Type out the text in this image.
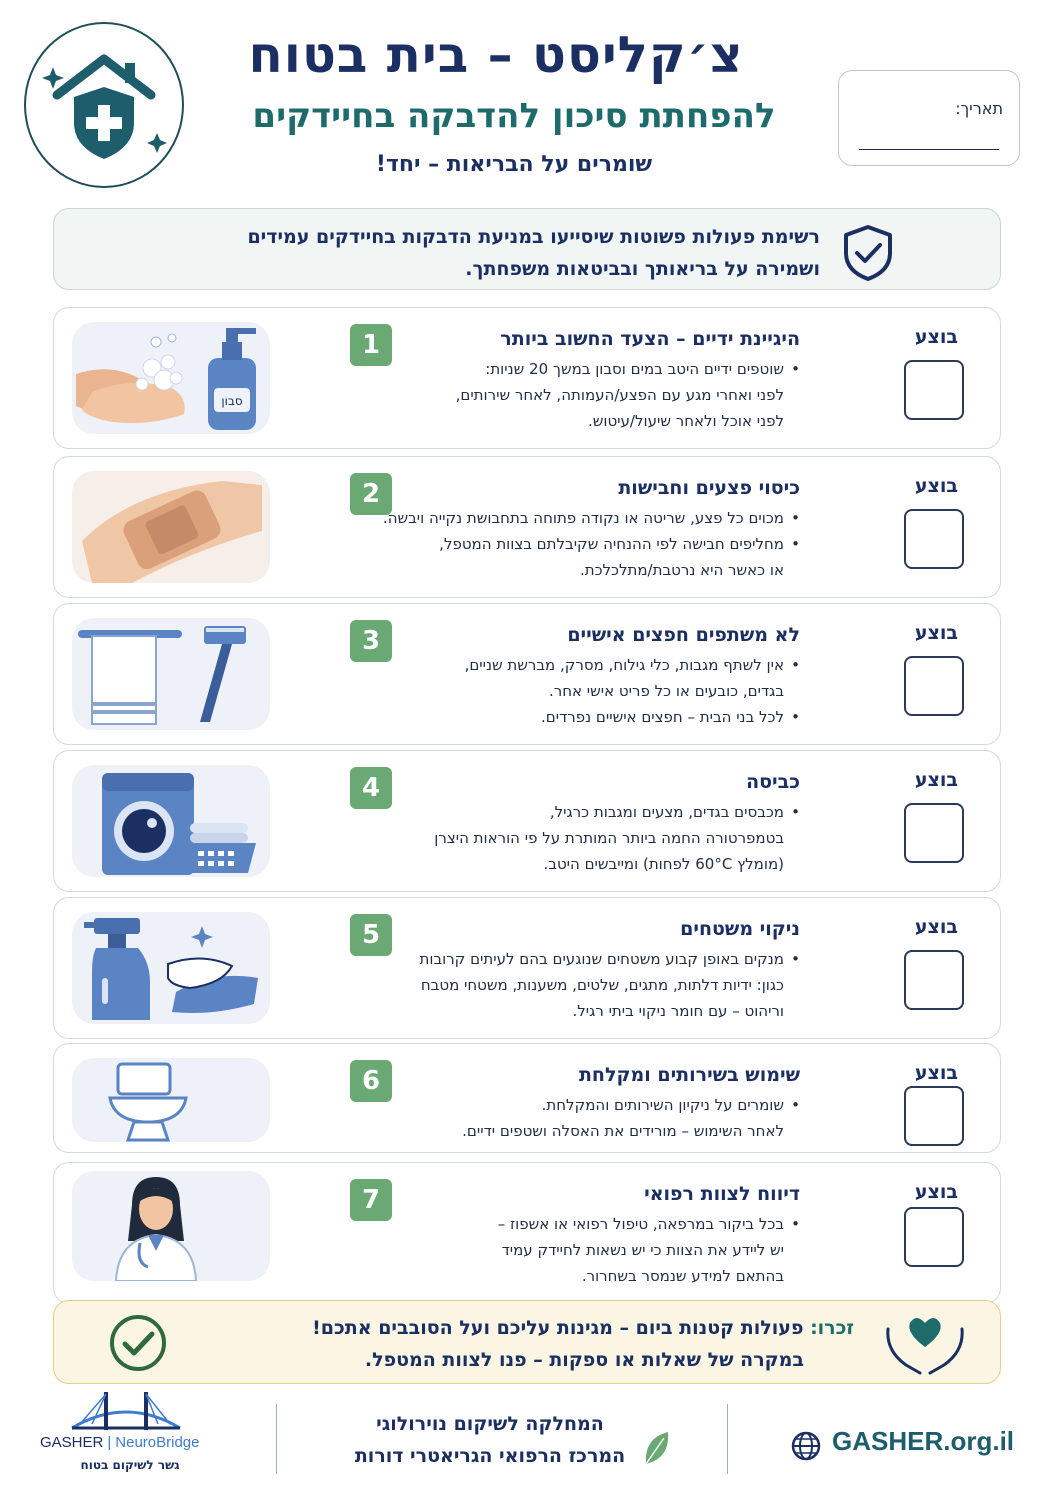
צ׳קליסט – בית בטוח
להפחתת סיכון להדבקה בחיידקים
שומרים על הבריאות – יחד!
תאריך:
רשימת פעולות פשוטות שיסייעו במניעת הדבקות בחיידקים עמידים
ושמירה על בריאותך ובביטאות משפחתך.
בוצע
1	היגיינת ידיים – הצעד החשוב ביותר
• שוטפים ידיים היטב במים וסבון במשך 20 שניות:
לפני ואחרי מגע עם הפצע/העמותה, לאחר שירותים,
לפני אוכל ולאחר שיעול/עיטוש.
סבון
בוצע
2	כיסוי פצעים וחבישות
• מכוים כל פצע, שריטה או נקודה פתוחה בתחבושת נקייה ויבשה.
• מחליפים חבישה לפי ההנחיה שקיבלתם בצוות המטפל,
או כאשר היא נרטבת/מתלכלכת.
בוצע
3	לא משתפים חפצים אישיים
• אין לשתף מגבות, כלי גילוח, מסרק, מברשת שניים,
בגדים, כובעים או כל פריט אישי אחר.
• לכל בני הבית – חפצים אישיים נפרדים.
בוצע
4	כביסה
• מכבסים בגדים, מצעים ומגבות כרגיל,
בטמפרטורה החמה ביותר המותרת על פי הוראות היצרן
(מומלץ 60°C לפחות) ומייבשים היטב.
בוצע
5	ניקוי משטחים
• מנקים באופן קבוע משטחים שנוגעים בהם לעיתים קרובות
כגון: ידיות דלתות, מתגים, שלטים, משענות, משטחי מטבח
וריהוט – עם חומר ניקוי ביתי רגיל.
בוצע
6	שימוש בשירותים ומקלחת
• שומרים על ניקיון השירותים והמקלחת.
לאחר השימוש – מורידים את האסלה ושטפים ידיים.
בוצע
7	דיווח לצוות רפואי
• בכל ביקור במרפאה, טיפול רפואי או אשפוז –
יש ליידע את הצוות כי יש נשאות לחיידק עמיד
בהתאם למידע שנמסר בשחרור.
זכרו: פעולות קטנות ביום – מגינות עליכם ועל הסובבים אתכם!
במקרה של שאלות או ספקות – פנו לצוות המטפל.
GASHER | NeuroBridge
גשר לשיקום בטוח
המחלקה לשיקום נוירולוגי
המרכז הרפואי הגריאטרי דורות	GASHER.org.il
